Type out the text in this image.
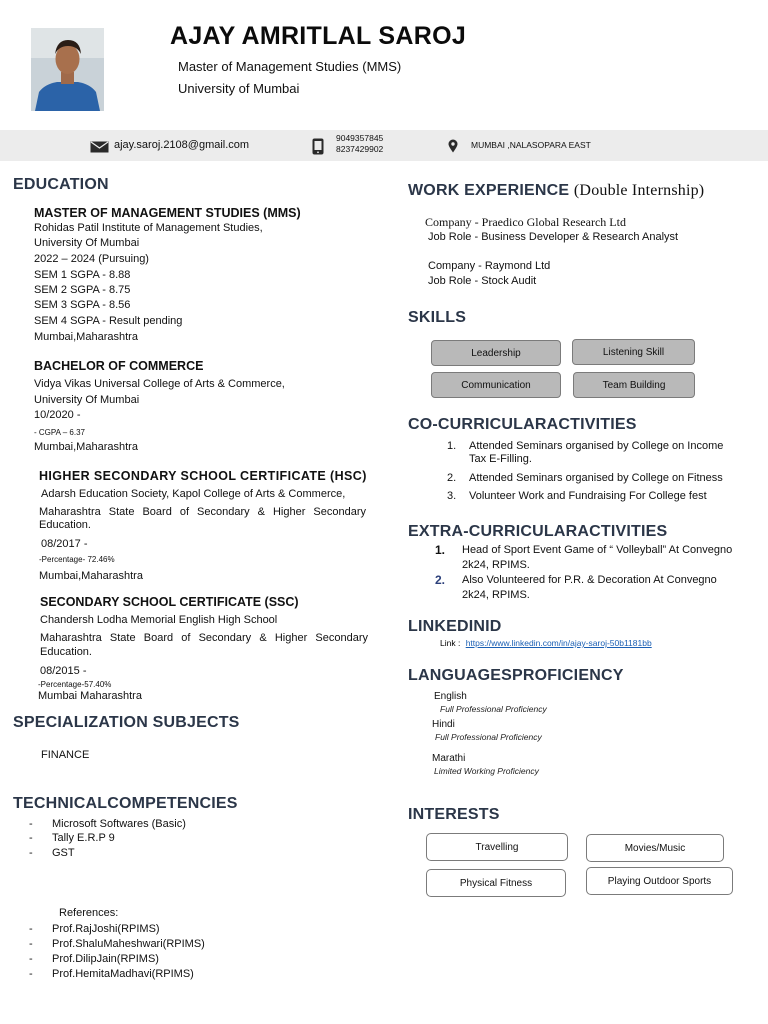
AJAY AMRITLAL SAROJ
Master of Management Studies (MMS)
University of Mumbai
ajay.saroj.2108@gmail.com
9049357845
8237429902	MUMBAI ,NALASOPARA EAST
EDUCATION
MASTER OF MANAGEMENT STUDIES (MMS)
Rohidas Patil Institute of Management Studies,
University Of Mumbai
2022 – 2024 (Pursuing)
SEM 1 SGPA - 8.88
SEM 2 SGPA - 8.75
SEM 3 SGPA - 8.56
SEM 4 SGPA - Result pending
Mumbai,Maharashtra
BACHELOR OF COMMERCE
Vidya Vikas Universal College of Arts & Commerce,
University Of Mumbai
10/2020 -
- CGPA – 6.37
Mumbai,Maharashtra
HIGHER SECONDARY SCHOOL CERTIFICATE (HSC)
Adarsh Education Society, Kapol College of Arts & Commerce,
Maharashtra State Board of Secondary & Higher Secondary
Education.
08/2017 -
-Percentage- 72.46%
Mumbai,Maharashtra
SECONDARY SCHOOL CERTIFICATE (SSC)
Chandersh Lodha Memorial English High School
Maharashtra State Board of Secondary & Higher Secondary
Education.
08/2015 -
-Percentage-57.40%
Mumbai Maharashtra
SPECIALIZATION SUBJECTS
FINANCE
TECHNICALCOMPETENCIES
- Microsoft Softwares (Basic)
- Tally E.R.P 9
- GST
References:
- Prof.RajJoshi(RPIMS)
- Prof.ShaluMaheshwari(RPIMS)
- Prof.DilipJain(RPIMS)
- Prof.HemitaMadhavi(RPIMS)
WORK EXPERIENCE (Double Internship)
Company - Praedico Global Research Ltd
Job Role - Business Developer & Research Analyst
Company - Raymond Ltd
Job Role - Stock Audit
SKILLS
Leadership	Listening Skill
Communication	Team Building
CO-CURRICULARACTIVITIES
1. Attended Seminars organised by College on Income
Tax E-Filling.
2. Attended Seminars organised by College on Fitness
3. Volunteer Work and Fundraising For College fest
EXTRA-CURRICULARACTIVITIES
1. Head of Sport Event Game of “ Volleyball” At Convegno
2k24, RPIMS.
2. Also Volunteered for P.R. & Decoration At Convegno
2k24, RPIMS.
LINKEDINID
Link : https://www.linkedin.com/in/ajay-saroj-50b1181bb
LANGUAGESPROFICIENCY
English
Full Professional Proficiency
Hindi
Full Professional Proficiency
Marathi
Limited Working Proficiency
INTERESTS
Travelling	Movies/Music
Physical Fitness	Playing Outdoor Sports
